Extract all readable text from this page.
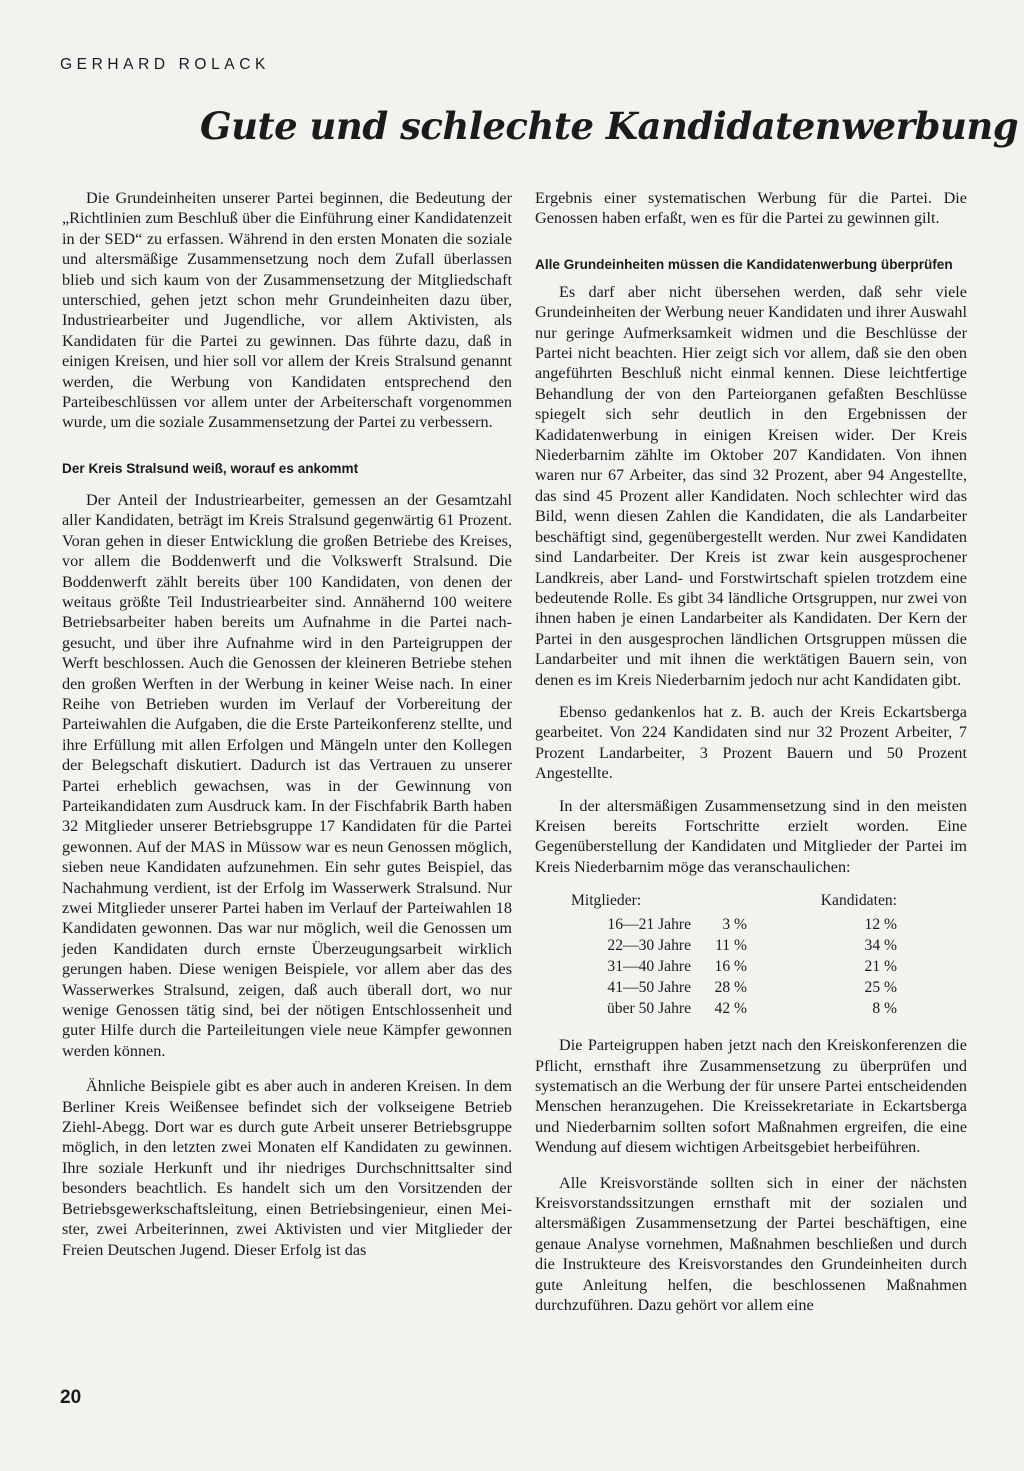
GERHARD ROLACK
Gute und schlechte Kandidatenwerbung

Die Grundeinheiten unserer Partei beginnen, die Bedeutung der „Richtlinien zum Beschluß über die Einführung einer Kandidatenzeit in der SED“ zu erfassen. Während in den ersten Monaten die soziale und altersmäßige Zusammensetzung noch dem Zufall überlassen blieb und sich kaum von der Zusammensetzung der Mitgliedschaft unterschied, gehen jetzt schon mehr Grundeinheiten dazu über, Industriearbeiter und Jugendliche, vor allem Aktivisten, als Kandidaten für die Partei zu gewinnen. Das führte dazu, daß in einigen Kreisen, und hier soll vor allem der Kreis Stralsund genannt werden, die Werbung von Kandidaten entsprechend den Parteibeschlüssen vor allem unter der Arbeiterschaft vorgenommen wurde, um die soziale Zusammensetzung der Partei zu verbessern.

Der Kreis Stralsund weiß, worauf es ankommt

Der Anteil der Industriearbeiter, gemessen an der Gesamtzahl aller Kandidaten, beträgt im Kreis Stralsund gegenwärtig 61 Prozent. Voran gehen in dieser Entwicklung die großen Betriebe des Kreises, vor allem die Boddenwerft und die Volkswerft Stralsund. Die Boddenwerft zählt bereits über 100 Kandidaten, von denen der weitaus größte Teil Industriearbeiter sind. Annähernd 100 weitere Betriebsarbeiter haben bereits um Aufnahme in die Partei nachgesucht, und über ihre Aufnahme wird in den Parteigruppen der Werft beschlossen. Auch die Genossen der kleineren Betriebe stehen den großen Werften in der Werbung in keiner Weise nach. In einer Reihe von Betrieben wurden im Verlauf der Vorbereitung der Parteiwahlen die Aufgaben, die die Erste Parteikonferenz stellte, und ihre Erfüllung mit allen Erfolgen und Mängeln unter den Kollegen der Belegschaft diskutiert. Dadurch ist das Vertrauen zu unserer Partei erheblich gewachsen, was in der Gewinnung von Parteikandidaten zum Ausdruck kam. In der Fischfabrik Barth haben 32 Mitglieder unserer Betriebsgruppe 17 Kandidaten für die Partei gewonnen. Auf der MAS in Müssow war es neun Genossen möglich, sieben neue Kandidaten aufzunehmen. Ein sehr gutes Beispiel, das Nachahmung verdient, ist der Erfolg im Wasserwerk Stralsund. Nur zwei Mitglieder unserer Partei haben im Verlauf der Parteiwahlen 18 Kandidaten gewonnen. Das war nur möglich, weil die Genossen um jeden Kandidaten durch ernste Überzeugungsarbeit wirklich gerungen haben. Diese wenigen Beispiele, vor allem aber das des Wasserwerkes Stralsund, zeigen, daß auch überall dort, wo nur wenige Genossen tätig sind, bei der nötigen Entschlossenheit und guter Hilfe durch die Parteileitungen viele neue Kämpfer gewonnen werden können.

Ähnliche Beispiele gibt es aber auch in anderen Kreisen. In dem Berliner Kreis Weißensee befindet sich der volkseigene Betrieb Ziehl-Abegg. Dort war es durch gute Arbeit unserer Betriebsgruppe möglich, in den letzten zwei Monaten elf Kandidaten zu gewinnen. Ihre soziale Herkunft und ihr niedriges Durchschnittsalter sind besonders beachtlich. Es handelt sich um den Vorsitzenden der Betriebsgewerkschaftsleitung, einen Betriebsingenieur, einen Meister, zwei Arbeiterinnen, zwei Aktivisten und vier Mitglieder der Freien Deutschen Jugend. Dieser Erfolg ist das

Ergebnis einer systematischen Werbung für die Partei. Die Genossen haben erfaßt, wen es für die Partei zu gewinnen gilt.

Alle Grundeinheiten müssen die Kandidatenwerbung überprüfen

Es darf aber nicht übersehen werden, daß sehr viele Grundeinheiten der Werbung neuer Kandidaten und ihrer Auswahl nur geringe Aufmerksamkeit widmen und die Beschlüsse der Partei nicht beachten. Hier zeigt sich vor allem, daß sie den oben angeführten Beschluß nicht einmal kennen. Diese leichtfertige Behandlung der von den Parteiorganen gefaßten Beschlüsse spiegelt sich sehr deutlich in den Ergebnissen der Kadidatenwerbung in einigen Kreisen wider. Der Kreis Niederbarnim zählte im Oktober 207 Kandidaten. Von ihnen waren nur 67 Arbeiter, das sind 32 Prozent, aber 94 Angestellte, das sind 45 Prozent aller Kandidaten. Noch schlechter wird das Bild, wenn diesen Zahlen die Kandidaten, die als Landarbeiter beschäftigt sind, gegenübergestellt werden. Nur zwei Kandidaten sind Landarbeiter. Der Kreis ist zwar kein ausgesprochener Landkreis, aber Land- und Forstwirtschaft spielen trotzdem eine bedeutende Rolle. Es gibt 34 ländliche Ortsgruppen, nur zwei von ihnen haben je einen Landarbeiter als Kandidaten. Der Kern der Partei in den ausgesprochen ländlichen Ortsgruppen müssen die Landarbeiter und mit ihnen die werktätigen Bauern sein, von denen es im Kreis Niederbarnim jedoch nur acht Kandidaten gibt.

Ebenso gedankenlos hat z. B. auch der Kreis Eckartsberga gearbeitet. Von 224 Kandidaten sind nur 32 Prozent Arbeiter, 7 Prozent Landarbeiter, 3 Prozent Bauern und 50 Prozent Angestellte.

In der altersmäßigen Zusammensetzung sind in den meisten Kreisen bereits Fortschritte erzielt worden. Eine Gegenüberstellung der Kandidaten und Mitglieder der Partei im Kreis Niederbarnim möge das veranschaulichen:

Mitglieder:		Kandidaten:
16—21 Jahre	3 %	12 %
22—30 Jahre	11 %	34 %
31—40 Jahre	16 %	21 %
41—50 Jahre	28 %	25 %
über 50 Jahre	42 %	8 %

Die Parteigruppen haben jetzt nach den Kreiskonferenzen die Pflicht, ernsthaft ihre Zusammensetzung zu überprüfen und systematisch an die Werbung der für unsere Partei entscheidenden Menschen heranzugehen. Die Kreissekretariate in Eckartsberga und Niederbarnim sollten sofort Maßnahmen ergreifen, die eine Wendung auf diesem wichtigen Arbeitsgebiet herbeiführen.

Alle Kreisvorstände sollten sich in einer der nächsten Kreisvorstandssitzungen ernsthaft mit der sozialen und altersmäßigen Zusammensetzung der Partei beschäftigen, eine genaue Analyse vornehmen, Maßnahmen beschließen und durch die Instrukteure des Kreisvorstandes den Grundeinheiten durch gute Anleitung helfen, die beschlossenen Maßnahmen durchzuführen. Dazu gehört vor allem eine

20
